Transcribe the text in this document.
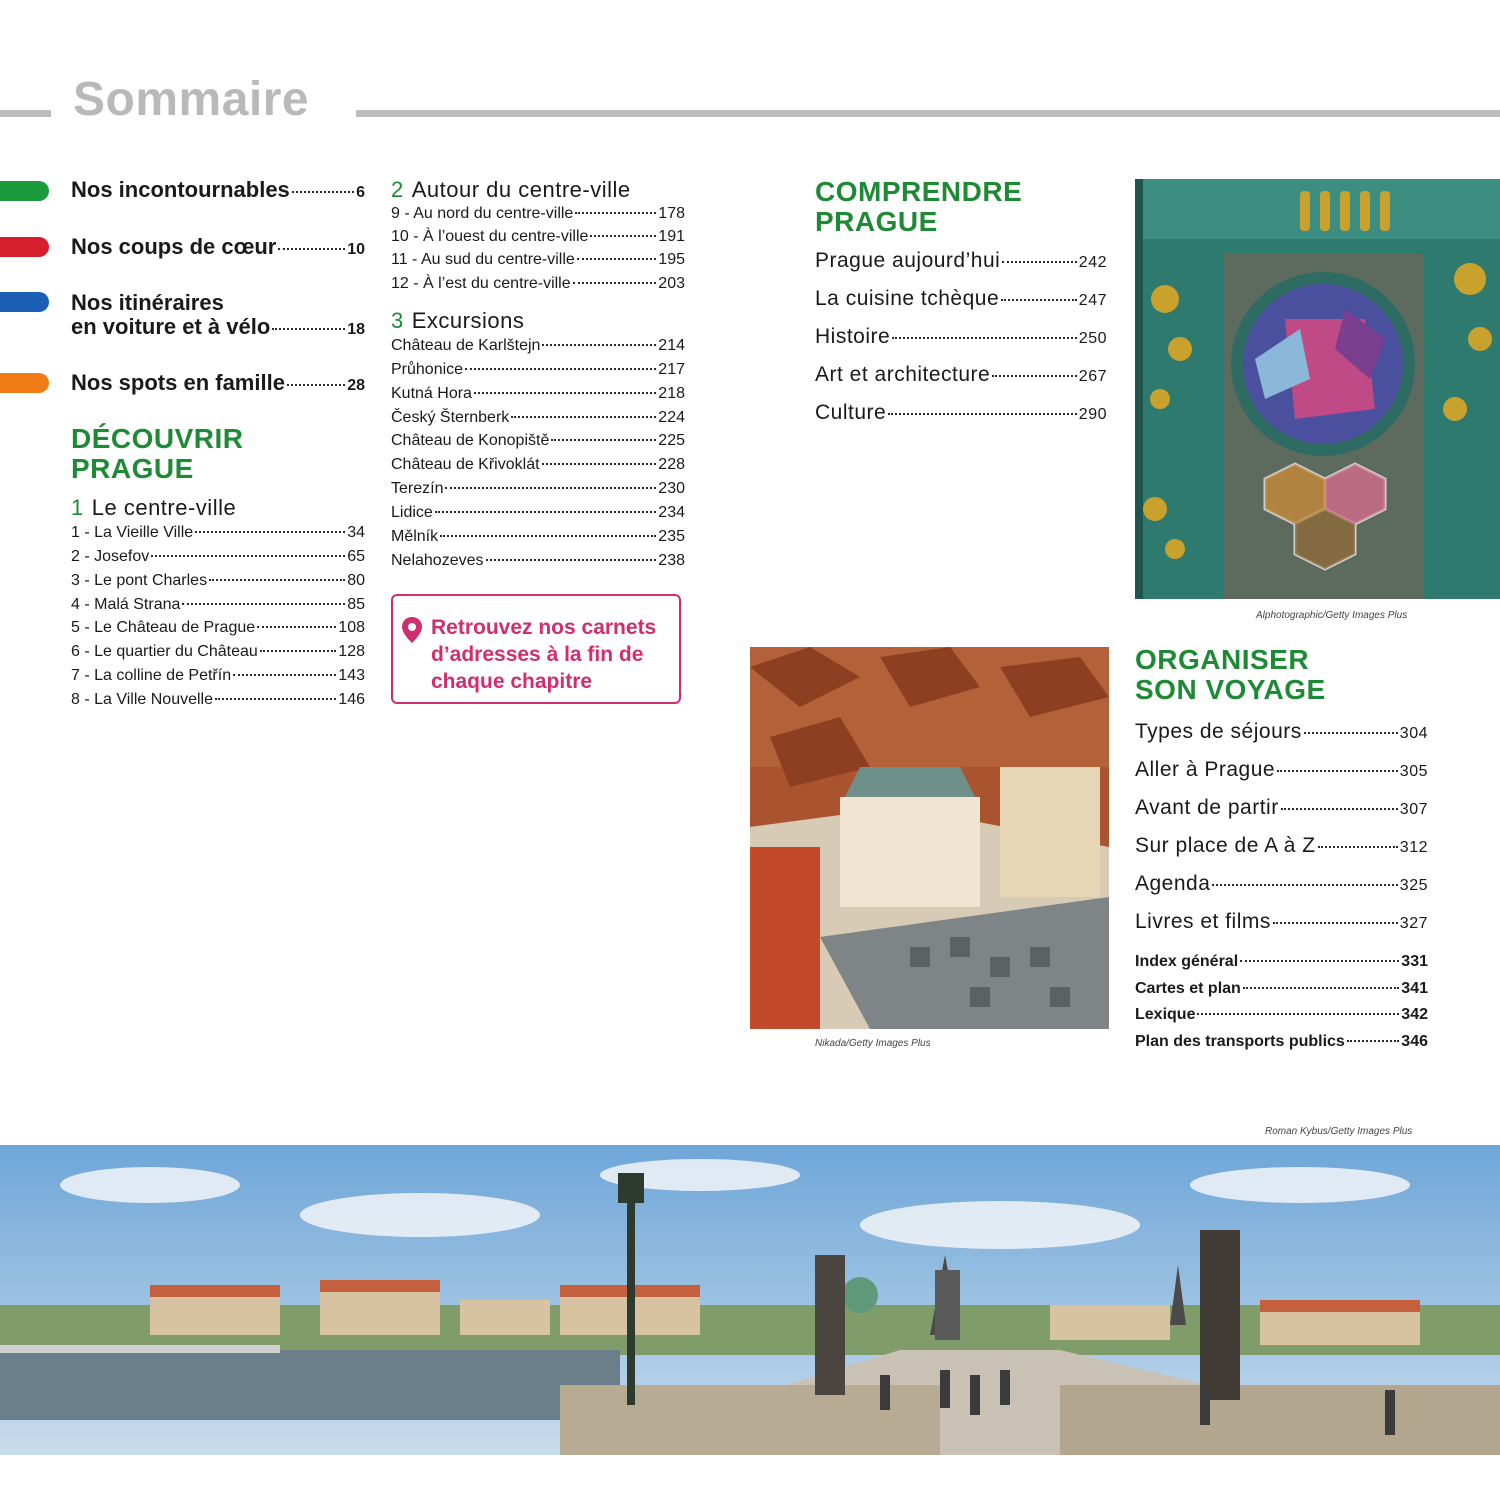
Sommaire
Nos incontournables	6
Nos coups de cœur	10
Nos itinéraires
en voiture et à vélo	18
Nos spots en famille	28
DÉCOUVRIR
PRAGUE
1 Le centre-ville
1 - La Vieille Ville	34
2 - Josefov	65
3 - Le pont Charles	80
4 - Malá Strana	85
5 - Le Château de Prague	108
6 - Le quartier du Château	128
7 - La colline de Petřín	143
8 - La Ville Nouvelle	146
2 Autour du centre-ville
9 - Au nord du centre-ville	178
10 - À l’ouest du centre-ville	191
11 - Au sud du centre-ville	195
12 - À l’est du centre-ville	203
3 Excursions
Château de Karlštejn	214
Průhonice	217
Kutná Hora	218
Český Šternberk	224
Château de Konopiště	225
Château de Křivoklát	228
Terezín	230
Lidice	234
Mělník	235
Nelahozeves	238
Retrouvez nos carnets
d’adresses à la fin de
chaque chapitre
COMPRENDRE
PRAGUE
Prague aujourd’hui	242
La cuisine tchèque	247
Histoire	250
Art et architecture	267
Culture	290
Alphotographic/Getty Images Plus
Nikada/Getty Images Plus
ORGANISER
SON VOYAGE
Types de séjours	304
Aller à Prague	305
Avant de partir	307
Sur place de A à Z	312
Agenda	325
Livres et films	327
Index général	331
Cartes et plan	341
Lexique	342
Plan des transports publics	346
Roman Kybus/Getty Images Plus
